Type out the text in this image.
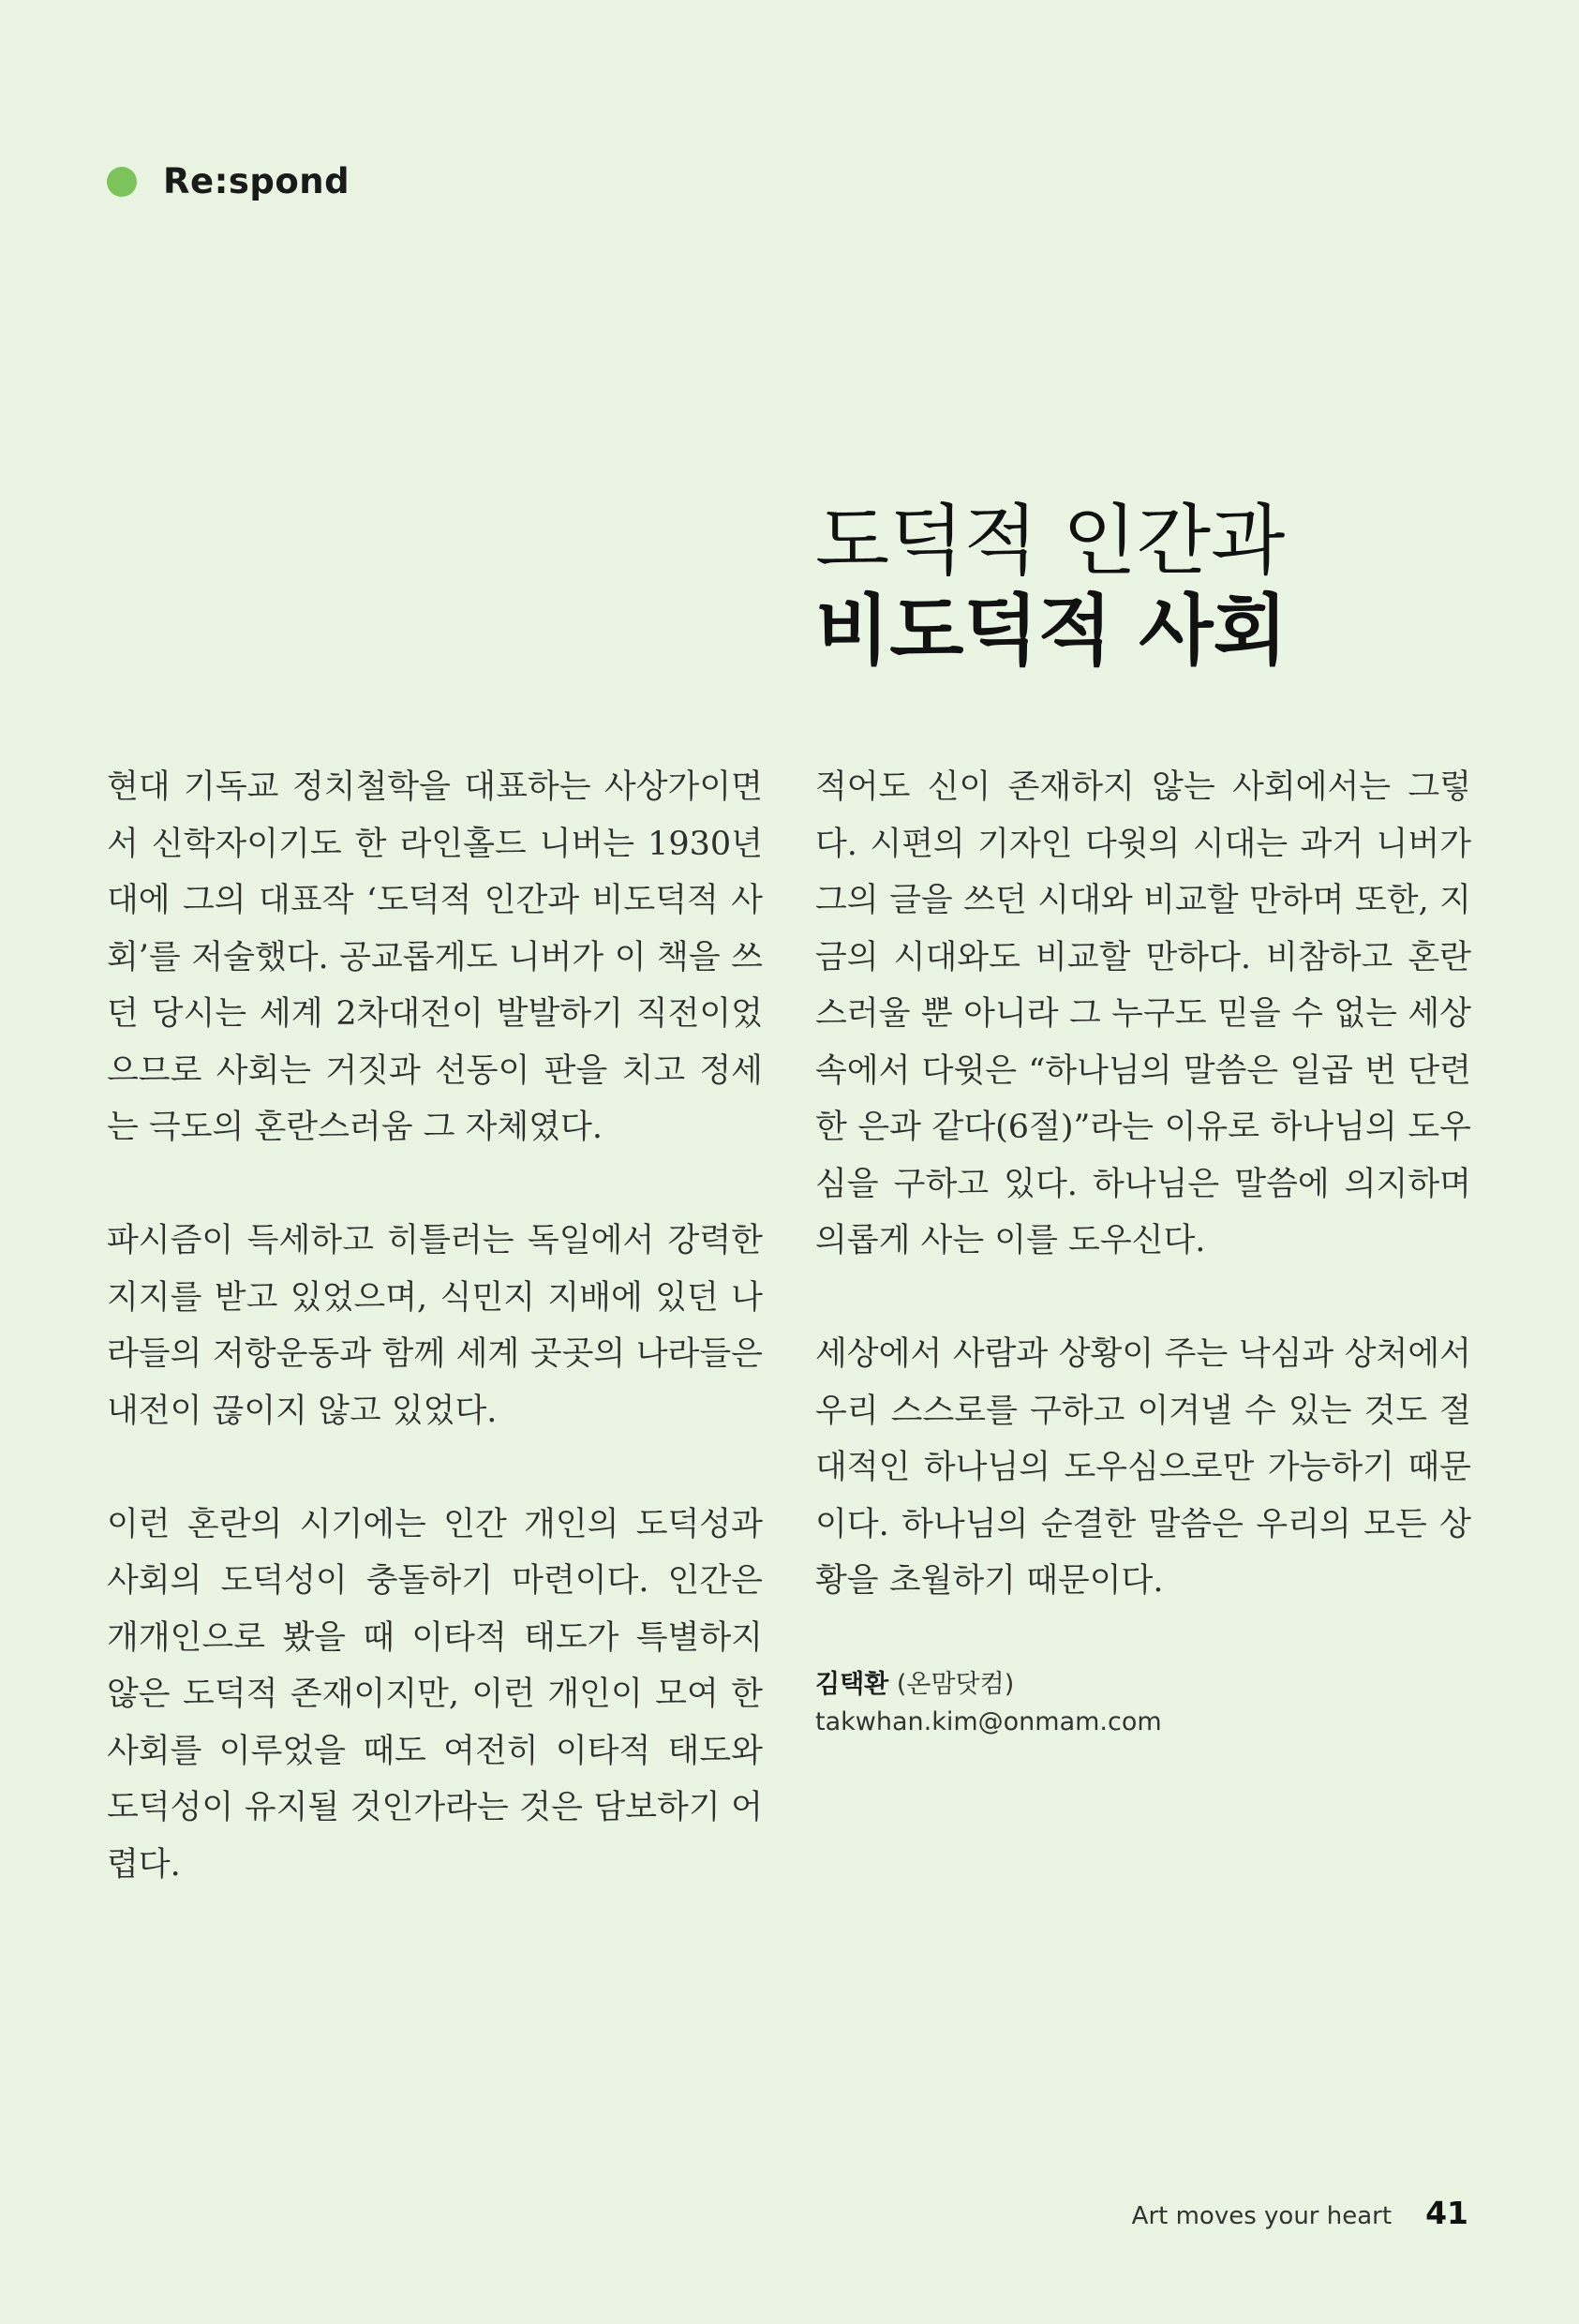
Re:spond
도덕적 인간과
비도덕적 사회

현대 기독교 정치철학을 대표하는 사상가이면서 신학자이기도 한 라인홀드 니버는 1930년대에 그의 대표작 ‘도덕적 인간과 비도덕적 사회’를 저술했다. 공교롭게도 니버가 이 책을 쓰던 당시는 세계 2차대전이 발발하기 직전이었으므로 사회는 거짓과 선동이 판을 치고 정세는 극도의 혼란스러움 그 자체였다.

파시즘이 득세하고 히틀러는 독일에서 강력한 지지를 받고 있었으며, 식민지 지배에 있던 나라들의 저항운동과 함께 세계 곳곳의 나라들은 내전이 끊이지 않고 있었다.

이런 혼란의 시기에는 인간 개인의 도덕성과 사회의 도덕성이 충돌하기 마련이다. 인간은 개개인으로 봤을 때 이타적 태도가 특별하지 않은 도덕적 존재이지만, 이런 개인이 모여 한 사회를 이루었을 때도 여전히 이타적 태도와 도덕성이 유지될 것인가라는 것은 담보하기 어렵다.

적어도 신이 존재하지 않는 사회에서는 그렇다. 시편의 기자인 다윗의 시대는 과거 니버가 그의 글을 쓰던 시대와 비교할 만하며 또한, 지금의 시대와도 비교할 만하다. 비참하고 혼란스러울 뿐 아니라 그 누구도 믿을 수 없는 세상 속에서 다윗은 “하나님의 말씀은 일곱 번 단련한 은과 같다(6절)”라는 이유로 하나님의 도우심을 구하고 있다. 하나님은 말씀에 의지하며 의롭게 사는 이를 도우신다.

세상에서 사람과 상황이 주는 낙심과 상처에서 우리 스스로를 구하고 이겨낼 수 있는 것도 절대적인 하나님의 도우심으로만 가능하기 때문이다. 하나님의 순결한 말씀은 우리의 모든 상황을 초월하기 때문이다.

김택환 (온맘닷컴)
takwhan.kim@onmam.com
Art moves your heart 41
